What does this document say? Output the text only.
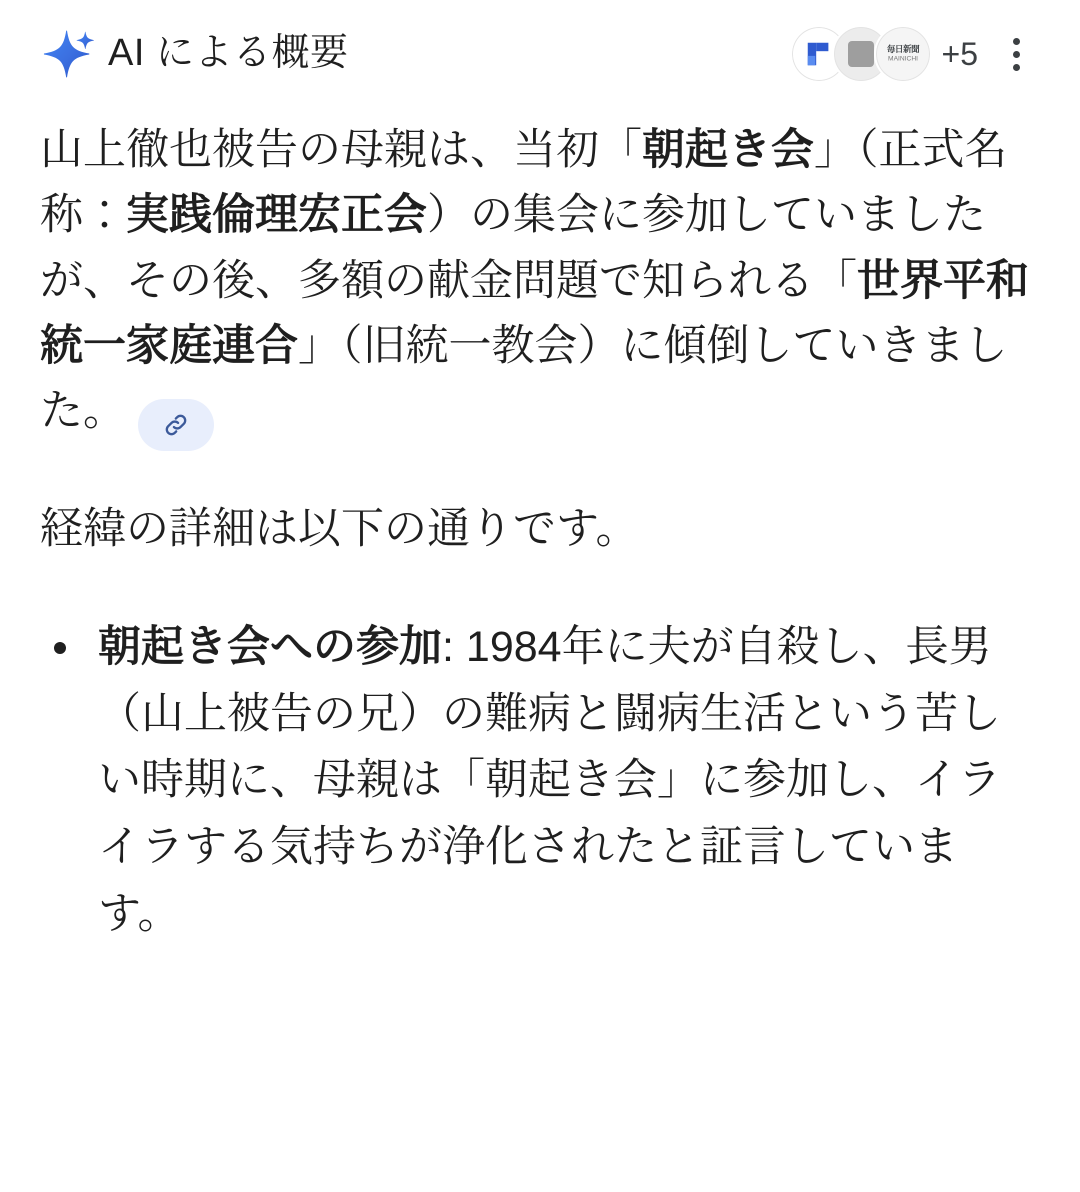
AI による概要	毎日新聞
MAINICHI +5
山上徹也被告の母親は、当初「朝起き会」（正式名称：実践倫理宏正会）の集会に参加していましたが、その後、多額の献金問題で知られる「世界平和統一家庭連合」（旧統一教会）に傾倒していきました。
経緯の詳細は以下の通りです。
朝起き会への参加: 1984年に夫が自殺し、長男（山上被告の兄）の難病と闘病生活という苦しい時期に、母親は「朝起き会」に参加し、イライラする気持ちが浄化されたと証言しています。
